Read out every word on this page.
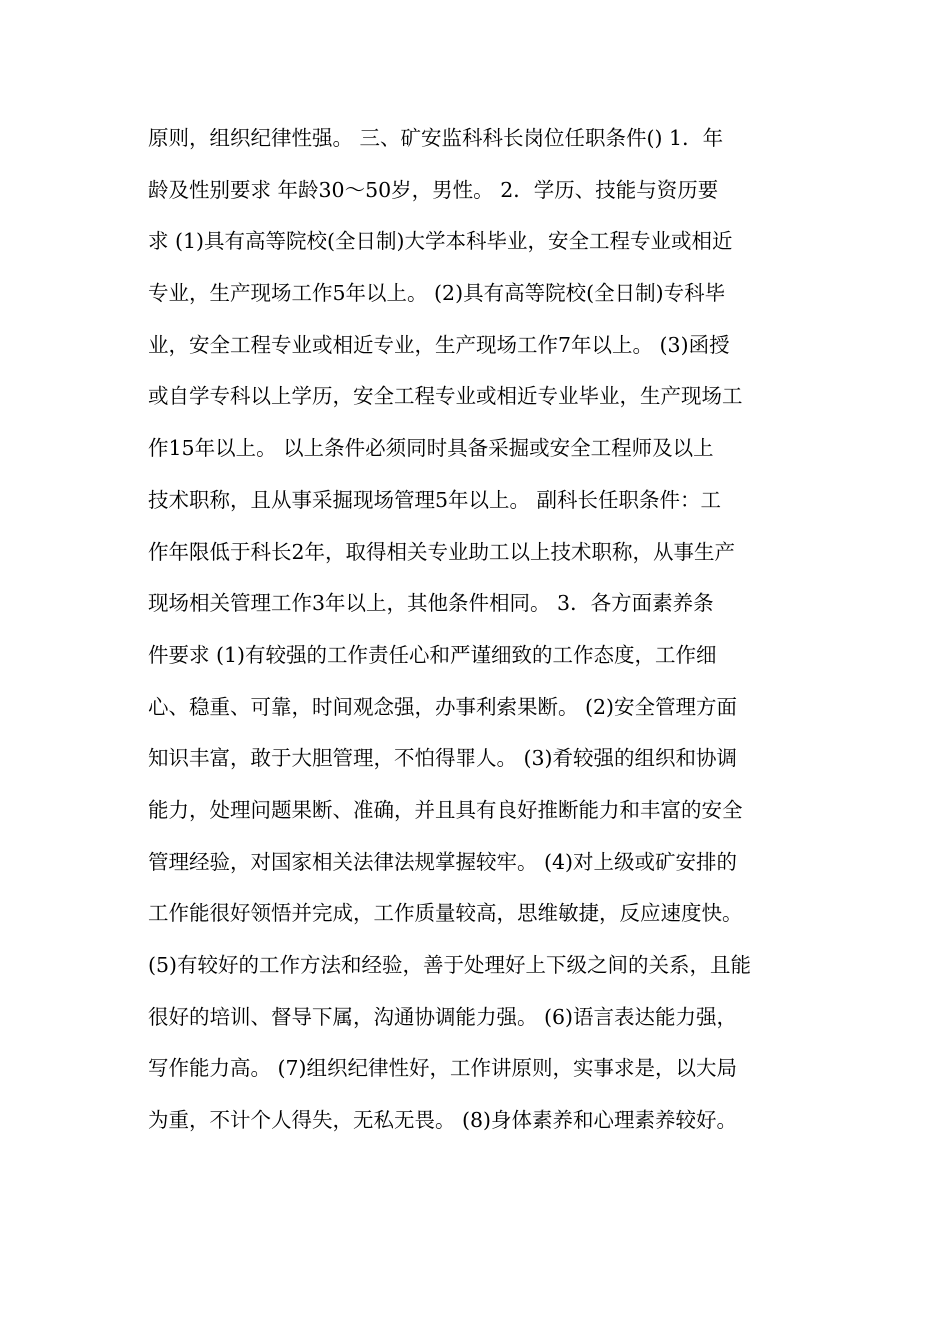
原则，组织纪律性强。 三、矿安监科科长岗位任职条件() 1．年
龄及性别要求 年龄30～50岁，男性。 2．学历、技能与资历要
求 (1)具有高等院校(全日制)大学本科毕业，安全工程专业或相近
专业，生产现场工作5年以上。 (2)具有高等院校(全日制)专科毕
业，安全工程专业或相近专业，生产现场工作7年以上。 (3)函授
或自学专科以上学历，安全工程专业或相近专业毕业，生产现场工
作15年以上。 以上条件必须同时具备采掘或安全工程师及以上
技术职称，且从事采掘现场管理5年以上。 副科长任职条件：工
作年限低于科长2年，取得相关专业助工以上技术职称，从事生产
现场相关管理工作3年以上，其他条件相同。 3．各方面素养条
件要求 (1)有较强的工作责任心和严谨细致的工作态度，工作细
心、稳重、可靠，时间观念强，办事利索果断。 (2)安全管理方面
知识丰富，敢于大胆管理，不怕得罪人。 (3)肴较强的组织和协调
能力，处理问题果断、准确，并且具有良好推断能力和丰富的安全
管理经验，对国家相关法律法规掌握较牢。 (4)对上级或矿安排的
工作能很好领悟并完成，工作质量较高，思维敏捷，反应速度快。
(5)有较好的工作方法和经验，善于处理好上下级之间的关系，且能
很好的培训、督导下属，沟通协调能力强。 (6)语言表达能力强，
写作能力高。 (7)组织纪律性好，工作讲原则，实事求是，以大局
为重，不计个人得失，无私无畏。 (8)身体素养和心理素养较好。
